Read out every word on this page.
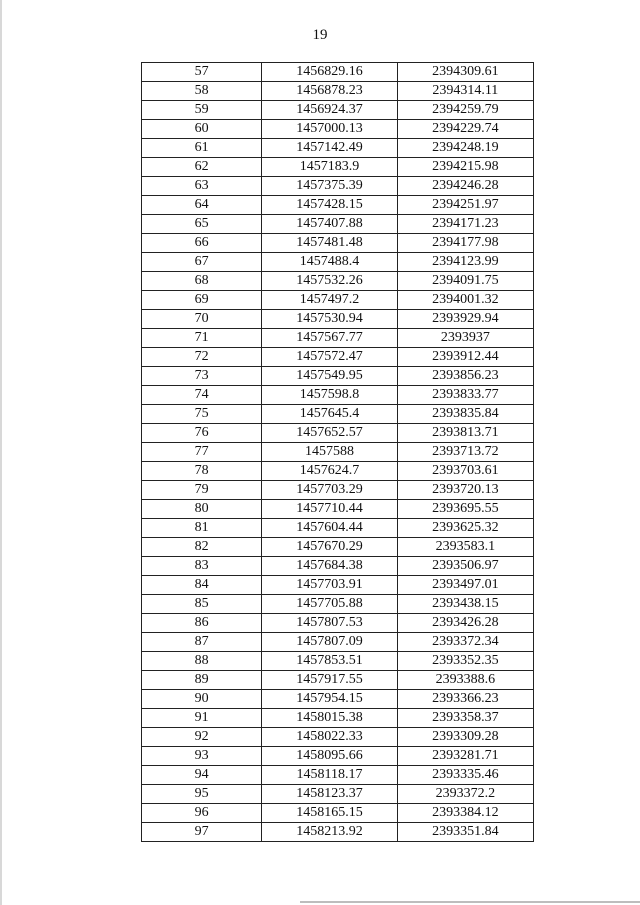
19
57	1456829.16	2394309.61
58	1456878.23	2394314.11
59	1456924.37	2394259.79
60	1457000.13	2394229.74
61	1457142.49	2394248.19
62	1457183.9	2394215.98
63	1457375.39	2394246.28
64	1457428.15	2394251.97
65	1457407.88	2394171.23
66	1457481.48	2394177.98
67	1457488.4	2394123.99
68	1457532.26	2394091.75
69	1457497.2	2394001.32
70	1457530.94	2393929.94
71	1457567.77	2393937
72	1457572.47	2393912.44
73	1457549.95	2393856.23
74	1457598.8	2393833.77
75	1457645.4	2393835.84
76	1457652.57	2393813.71
77	1457588	2393713.72
78	1457624.7	2393703.61
79	1457703.29	2393720.13
80	1457710.44	2393695.55
81	1457604.44	2393625.32
82	1457670.29	2393583.1
83	1457684.38	2393506.97
84	1457703.91	2393497.01
85	1457705.88	2393438.15
86	1457807.53	2393426.28
87	1457807.09	2393372.34
88	1457853.51	2393352.35
89	1457917.55	2393388.6
90	1457954.15	2393366.23
91	1458015.38	2393358.37
92	1458022.33	2393309.28
93	1458095.66	2393281.71
94	1458118.17	2393335.46
95	1458123.37	2393372.2
96	1458165.15	2393384.12
97	1458213.92	2393351.84
